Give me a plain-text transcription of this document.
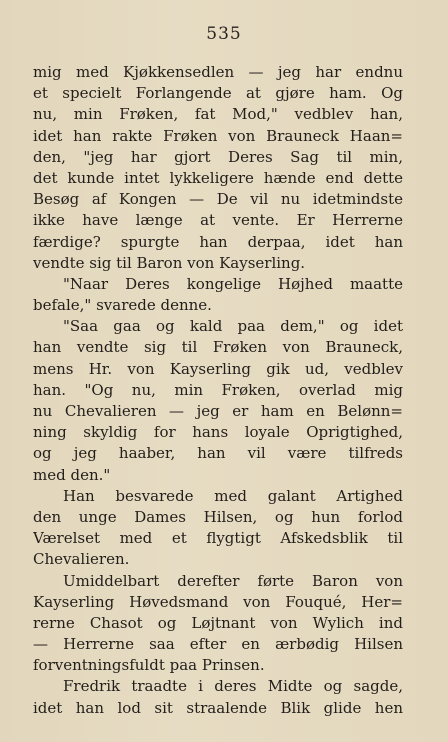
535
mig med Kjøkkensedlen — jeg har endnu
et specielt Forlangende at gjøre ham. Og
nu, min Frøken, fat Mod," vedblev han,
idet han rakte Frøken von Brauneck Haan=
den, "jeg har gjort Deres Sag til min,
det kunde intet lykkeligere hænde end dette
Besøg af Kongen — De vil nu idetmindste
ikke have længe at vente. Er Herrerne
færdige? spurgte han derpaa, idet han
vendte sig til Baron von Kayserling.
"Naar Deres kongelige Højhed maatte
befale," svarede denne.
"Saa gaa og kald paa dem," og idet
han vendte sig til Frøken von Brauneck,
mens Hr. von Kayserling gik ud, vedblev
han. "Og nu, min Frøken, overlad mig
nu Chevalieren — jeg er ham en Belønn=
ning skyldig for hans loyale Oprigtighed,
og jeg haaber, han vil være tilfreds
med den."
Han besvarede med galant Artighed
den unge Dames Hilsen, og hun forlod
Værelset med et flygtigt Afskedsblik til
Chevalieren.
Umiddelbart derefter førte Baron von
Kayserling Høvedsmand von Fouqué, Her=
rerne Chasot og Løjtnant von Wylich ind
— Herrerne saa efter en ærbødig Hilsen
forventningsfuldt paa Prinsen.
Fredrik traadte i deres Midte og sagde,
idet han lod sit straalende Blik glide hen
